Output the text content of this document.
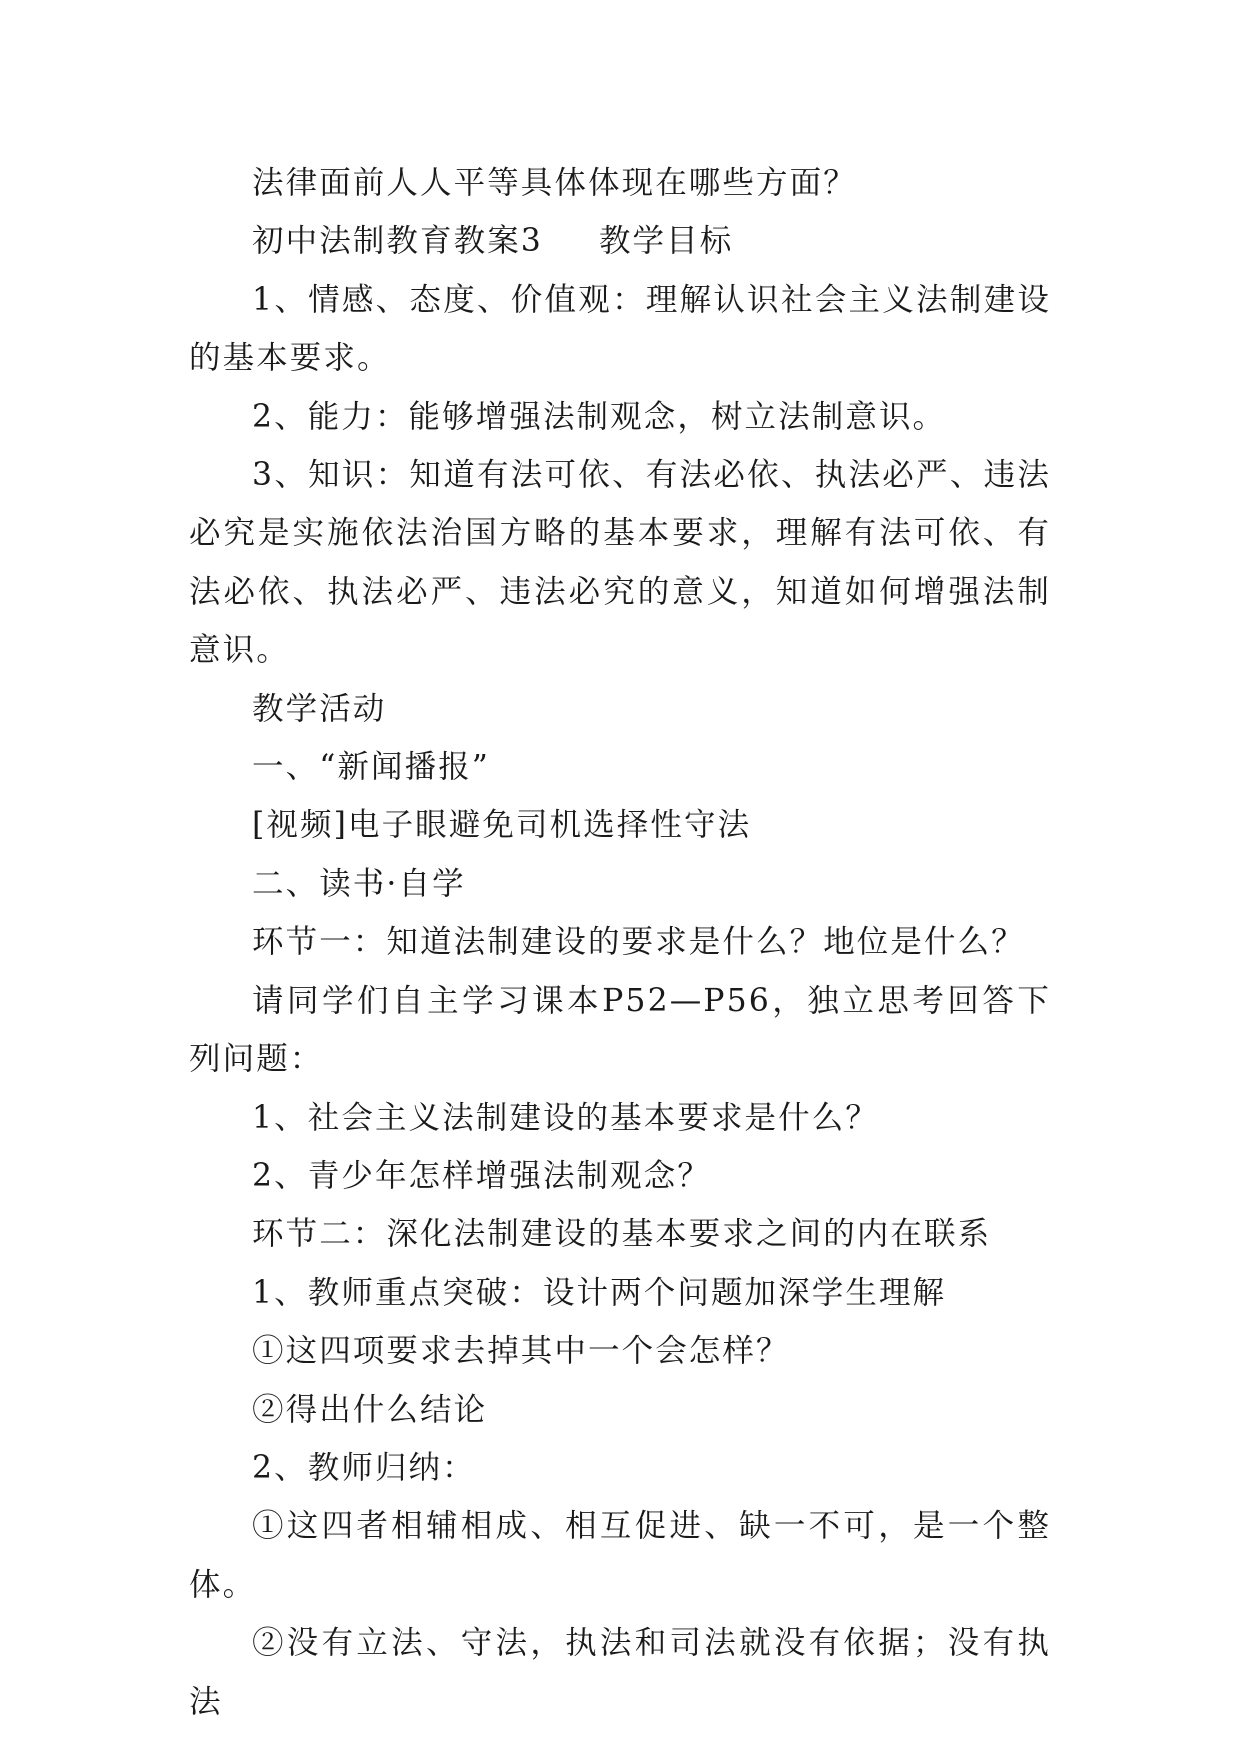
法律面前人人平等具体体现在哪些方面？

初中法制教育教案3 教学目标

1、情感、态度、价值观：理解认识社会主义法制建设的基本要求。

2、能力：能够增强法制观念，树立法制意识。

3、知识：知道有法可依、有法必依、执法必严、违法必究是实施依法治国方略的基本要求，理解有法可依、有法必依、执法必严、违法必究的意义，知道如何增强法制意识。

教学活动

一、“新闻播报”

[视频]电子眼避免司机选择性守法

二、读书·自学

环节一：知道法制建设的要求是什么？地位是什么？

请同学们自主学习课本P52—P56，独立思考回答下列问题：

1、社会主义法制建设的基本要求是什么？

2、青少年怎样增强法制观念？

环节二：深化法制建设的基本要求之间的内在联系

1、教师重点突破：设计两个问题加深学生理解

①这四项要求去掉其中一个会怎样？

②得出什么结论

2、教师归纳：

①这四者相辅相成、相互促进、缺一不可，是一个整体。

②没有立法、守法，执法和司法就没有依据；没有执法
